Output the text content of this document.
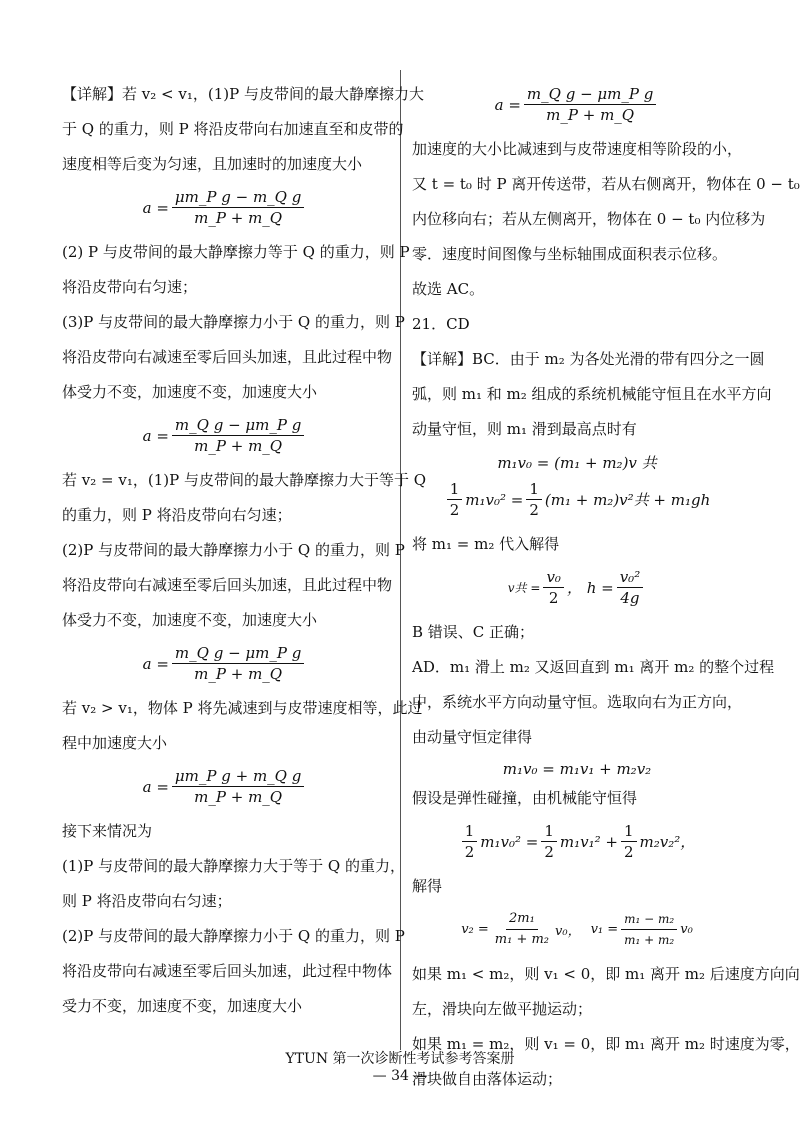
【详解】若 v₂ < v₁，(1)P 与皮带间的最大静摩擦力大

于 Q 的重力，则 P 将沿皮带向右加速直至和皮带的

速度相等后变为匀速，且加速时的加速度大小

$a = \frac{\text{μm\_P g − m\_Q g}}{m\_P + m\_Q}$

(2) P 与皮带间的最大静摩擦力等于 Q 的重力，则 P

将沿皮带向右匀速；

(3)P 与皮带间的最大静摩擦力小于 Q 的重力，则 P

将沿皮带向右减速至零后回头加速，且此过程中物

体受力不变，加速度不变，加速度大小

$a = \frac{\text{m\_Q g − μm\_P g}}{m\_P + m\_Q}$

若 v₂ = v₁，(1)P 与皮带间的最大静摩擦力大于等于 Q

的重力，则 P 将沿皮带向右匀速；

(2)P 与皮带间的最大静摩擦力小于 Q 的重力，则 P

将沿皮带向右减速至零后回头加速，且此过程中物

体受力不变，加速度不变，加速度大小

$a = \frac{\text{m\_Q g − μm\_P g}}{m\_P + m\_Q}$

若 v₂ > v₁，物体 P 将先减速到与皮带速度相等，此过

程中加速度大小

$a = \frac{\text{μm\_P g + m\_Q g}}{m\_P + m\_Q}$

接下来情况为

(1)P 与皮带间的最大静摩擦力大于等于 Q 的重力，

则 P 将沿皮带向右匀速；

(2)P 与皮带间的最大静摩擦力小于 Q 的重力，则 P

将沿皮带向右减速至零后回头加速，此过程中物体

受力不变，加速度不变，加速度大小

$a = \frac{\text{m\_Q g − μm\_P g}}{m\_P + m\_Q}$

加速度的大小比减速到与皮带速度相等阶段的小，

又 t = t₀ 时 P 离开传送带，若从右侧离开，物体在 0 − t₀

内位移向右；若从左侧离开，物体在 0 − t₀ 内位移为

零．速度时间图像与坐标轴围成面积表示位移。

故选 AC。

21．CD

【详解】BC．由于 m₂ 为各处光滑的带有四分之一圆

弧，则 m₁ 和 m₂ 组成的系统机械能守恒且在水平方向

动量守恒，则 m₁ 滑到最高点时有

m₁v₀ = (m₁ + m₂)v 共
$\frac{1}{2} m_1v_0^2 = \frac{1}{2} (m_1 + m_2)v^2$共 + m₁gh

将 m₁ = m₂ 代入解得

v共 = $\frac{\text{v₀}}{2}$ ， $h = \frac{\text{v₀²}}{4g}$

B 错误、C 正确；

AD．m₁ 滑上 m₂ 又返回直到 m₁ 离开 m₂ 的整个过程

中，系统水平方向动量守恒。选取向右为正方向，

由动量守恒定律得

m₁v₀ = m₁v₁ + m₂v₂

假设是弹性碰撞，由机械能守恒得

$\frac{1}{2} m_1v_0^2 = \frac{1}{2} m_1v_1^2 + \frac{1}{2} m_2v_2^2$，

解得

$v_2 = \frac{\text{2m₁}}{\text{m₁ + m₂}} v_0$， $v_1 = \frac{\text{m₁ − m₂}}{\text{m₁ + m₂}} v_0$

如果 m₁ < m₂，则 v₁ < 0，即 m₁ 离开 m₂ 后速度方向向

左，滑块向左做平抛运动；

如果 m₁ = m₂，则 v₁ = 0，即 m₁ 离开 m₂ 时速度为零，

滑块做自由落体运动；

YTUN 第一次诊断性考试参考答案册
— 34 —
